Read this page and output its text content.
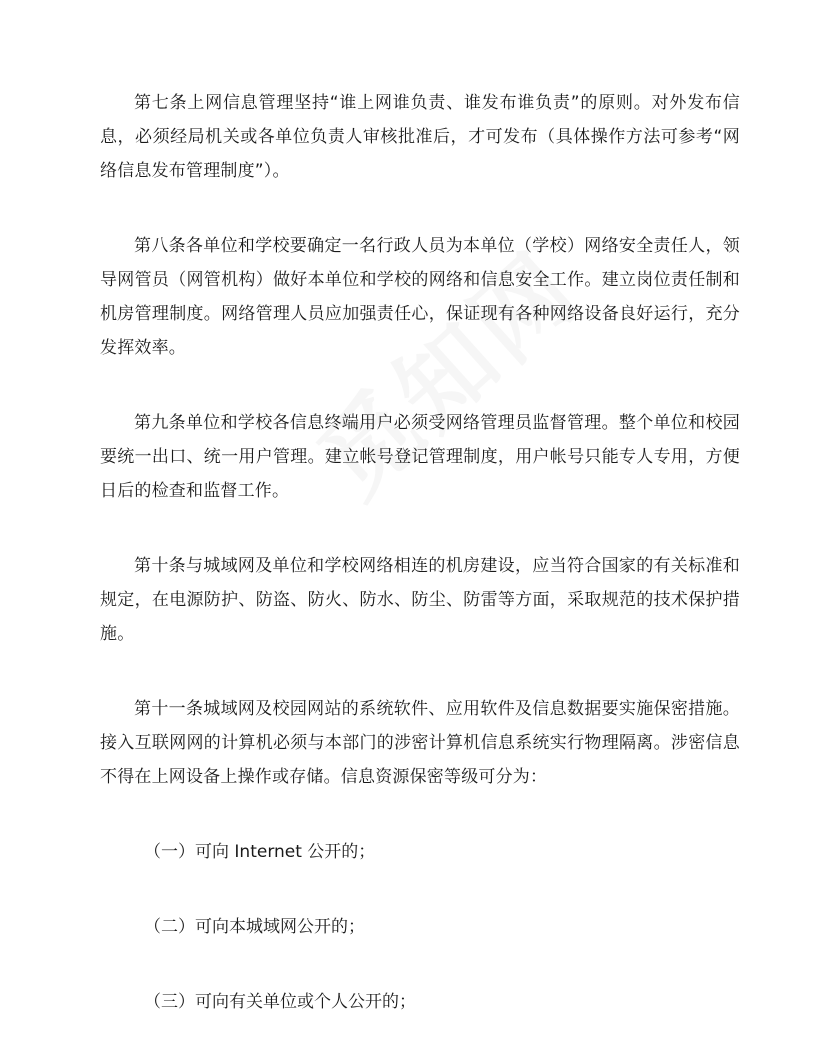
第七条上网信息管理坚持“谁上网谁负责、谁发布谁负责”的原则。对外发布信息，必须经局机关或各单位负责人审核批准后，才可发布（具体操作方法可参考“网络信息发布管理制度”）。

第八条各单位和学校要确定一名行政人员为本单位（学校）网络安全责任人，领导网管员（网管机构）做好本单位和学校的网络和信息安全工作。建立岗位责任制和机房管理制度。网络管理人员应加强责任心，保证现有各种网络设备良好运行，充分发挥效率。

第九条单位和学校各信息终端用户必须受网络管理员监督管理。整个单位和校园要统一出口、统一用户管理。建立帐号登记管理制度，用户帐号只能专人专用，方便日后的检查和监督工作。

第十条与城域网及单位和学校网络相连的机房建设，应当符合国家的有关标准和规定，在电源防护、防盗、防火、防水、防尘、防雷等方面，采取规范的技术保护措施。

第十一条城域网及校园网站的系统软件、应用软件及信息数据要实施保密措施。接入互联网网的计算机必须与本部门的涉密计算机信息系统实行物理隔离。涉密信息不得在上网设备上操作或存储。信息资源保密等级可分为：

（一）可向 Internet 公开的；
（二）可向本城域网公开的；
（三）可向有关单位或个人公开的；
